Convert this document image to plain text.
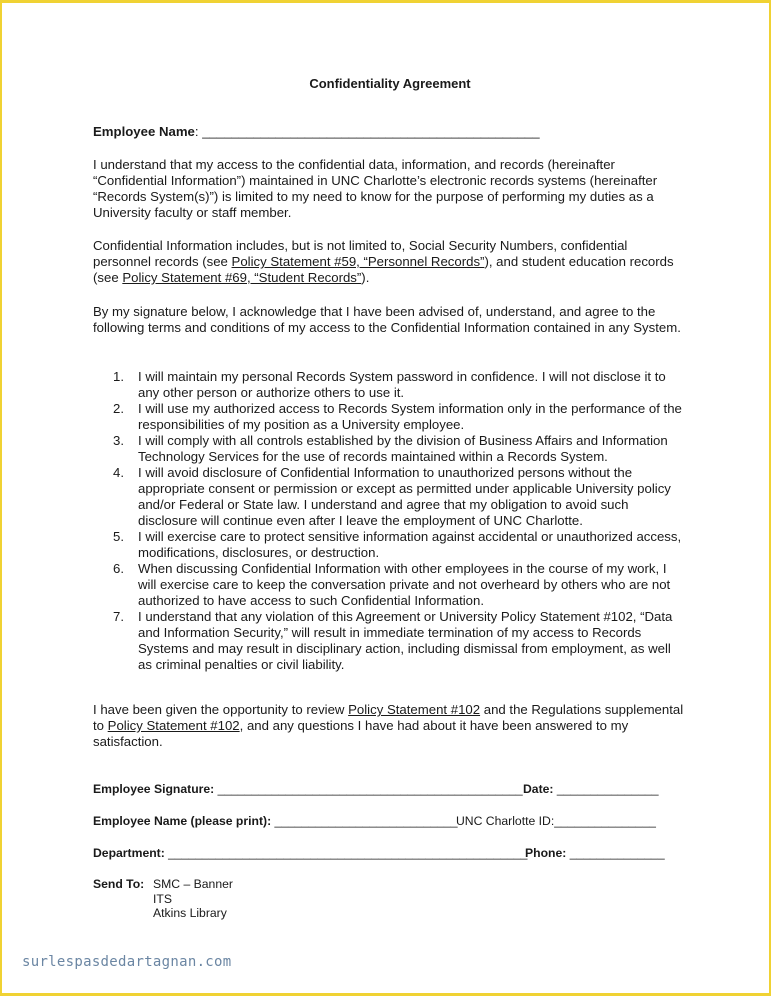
Confidentiality Agreement
Employee Name: ______________________________________________

I understand that my access to the confidential data, information, and records (hereinafter “Confidential Information”) maintained in UNC Charlotte’s electronic records systems (hereinafter “Records System(s)”) is limited to my need to know for the purpose of performing my duties as a University faculty or staff member.

Confidential Information includes, but is not limited to, Social Security Numbers, confidential personnel records (see Policy Statement #59, “Personnel Records”), and student education records (see Policy Statement #69, “Student Records”).

By my signature below, I acknowledge that I have been advised of, understand, and agree to the following terms and conditions of my access to the Confidential Information contained in any System.

1. I will maintain my personal Records System password in confidence. I will not disclose it to any other person or authorize others to use it.
2. I will use my authorized access to Records System information only in the performance of the responsibilities of my position as a University employee.
3. I will comply with all controls established by the division of Business Affairs and Information Technology Services for the use of records maintained within a Records System.
4. I will avoid disclosure of Confidential Information to unauthorized persons without the appropriate consent or permission or except as permitted under applicable University policy and/or Federal or State law. I understand and agree that my obligation to avoid such disclosure will continue even after I leave the employment of UNC Charlotte.
5. I will exercise care to protect sensitive information against accidental or unauthorized access, modifications, disclosures, or destruction.
6. When discussing Confidential Information with other employees in the course of my work, I will exercise care to keep the conversation private and not overheard by others who are not authorized to have access to such Confidential Information.
7. I understand that any violation of this Agreement or University Policy Statement #102, “Data and Information Security,” will result in immediate termination of my access to Records Systems and may result in disciplinary action, including dismissal from employment, as well as criminal penalties or civil liability.

I have been given the opportunity to review Policy Statement #102 and the Regulations supplemental to Policy Statement #102, and any questions I have had about it have been answered to my satisfaction.

Employee Signature: _____________________________________________ Date: _______________
Employee Name (please print): ___________________________
UNC Charlotte ID:_______________
Department: _____________________________________________________
Phone: ______________
Send To: SMC – Banner
ITS
Atkins Library
surlespasdedartagnan.com
